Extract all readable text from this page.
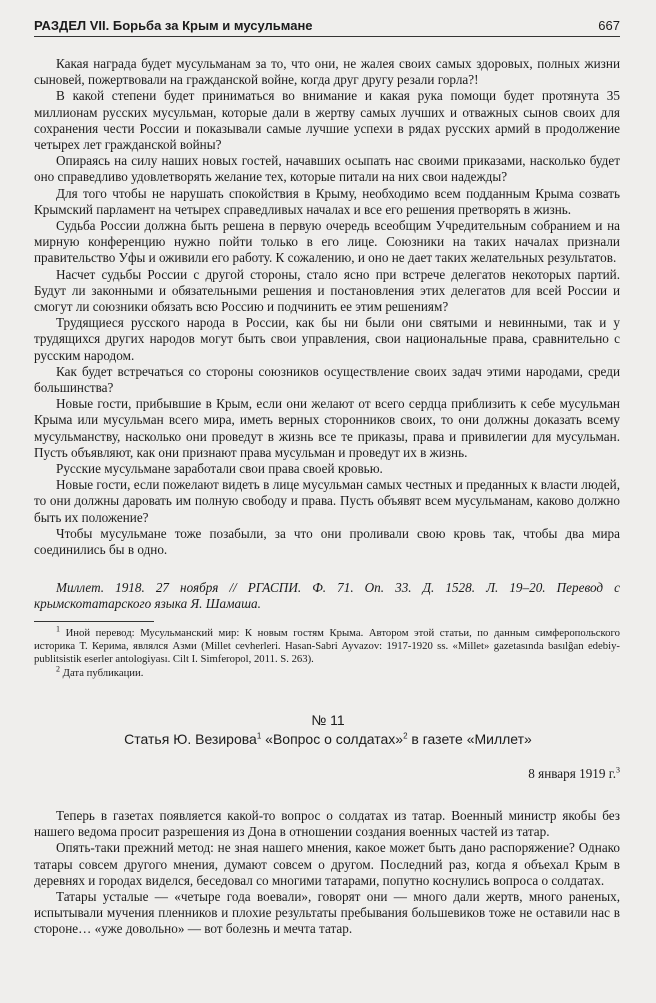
РАЗДЕЛ VII. Борьба за Крым и мусульмане	667

Какая награда будет мусульманам за то, что они, не жалея своих самых здоровых, полных жизни сыновей, пожертвовали на гражданской войне, когда друг другу резали горла?!

В какой степени будет приниматься во внимание и какая рука помощи будет протянута 35 миллионам русских мусульман, которые дали в жертву самых лучших и отважных сынов своих для сохранения чести России и показывали самые лучшие успехи в рядах русских армий в продолжение четырех лет гражданской войны?

Опираясь на силу наших новых гостей, начавших осыпать нас своими приказами, насколько будет оно справедливо удовлетворять желание тех, которые питали на них свои надежды?

Для того чтобы не нарушать спокойствия в Крыму, необходимо всем подданным Крыма созвать Крымский парламент на четырех справедливых началах и все его решения претворять в жизнь.

Судьба России должна быть решена в первую очередь всеобщим Учредительным собранием и на мирную конференцию нужно пойти только в его лице. Союзники на таких началах признали правительство Уфы и оживили его работу. К сожалению, и оно не дает таких желательных результатов.

Насчет судьбы России с другой стороны, стало ясно при встрече делегатов некоторых партий. Будут ли законными и обязательными решения и постановления этих делегатов для всей России и смогут ли союзники обязать всю Россию и подчинить ее этим решениям?

Трудящиеся русского народа в России, как бы ни были они святыми и невинными, так и у трудящихся других народов могут быть свои управления, свои национальные права, сравнительно с русским народом.

Как будет встречаться со стороны союзников осуществление своих задач этими народами, среди большинства?

Новые гости, прибывшие в Крым, если они желают от всего сердца приблизить к себе мусульман Крыма или мусульман всего мира, иметь верных сторонников своих, то они должны доказать всему мусульманству, насколько они проведут в жизнь все те приказы, права и привилегии для мусульман. Пусть объявляют, как они признают права мусульман и проведут их в жизнь.

Русские мусульмане заработали свои права своей кровью.

Новые гости, если пожелают видеть в лице мусульман самых честных и преданных к власти людей, то они должны даровать им полную свободу и права. Пусть объявят всем мусульманам, каково должно быть их положение?

Чтобы мусульмане тоже позабыли, за что они проливали свою кровь так, чтобы два мира соединились бы в одно.

Миллет. 1918. 27 ноября // РГАСПИ. Ф. 71. Оп. 33. Д. 1528. Л. 19–20. Перевод с крымскотатарского языка Я. Шамаша.

$^1$ Иной перевод: Мусульманский мир: К новым гостям Крыма. Автором этой статьи, по данным симферопольского историка Т. Керима, являлся Азми (Millet cevherleri. Hasan-Sabri Ayvazov: 1917-1920 ss. «Millet» gazetasında basılğan edebiy-publitsistik eserler antologiyası. Cilt I. Simferopol, 2011. S. 263).

$^2$ Дата публикации.

№ 11
Статья Ю. Везирова$^1$ «Вопрос о солдатах»$^2$ в газете «Миллет»
8 января 1919 г.$^3$

Теперь в газетах появляется какой-то вопрос о солдатах из татар. Военный министр якобы без нашего ведома просит разрешения из Дона в отношении создания военных частей из татар.

Опять-таки прежний метод: не зная нашего мнения, какое может быть дано распоряжение? Однако татары совсем другого мнения, думают совсем о другом. Последний раз, когда я объехал Крым в деревнях и городах виделся, беседовал со многими татарами, попутно коснулись вопроса о солдатах.

Татары усталые — «четыре года воевали», говорят они — много дали жертв, много раненых, испытывали мучения пленников и плохие результаты пребывания большевиков тоже не оставили нас в стороне… «уже довольно» — вот болезнь и мечта татар.
